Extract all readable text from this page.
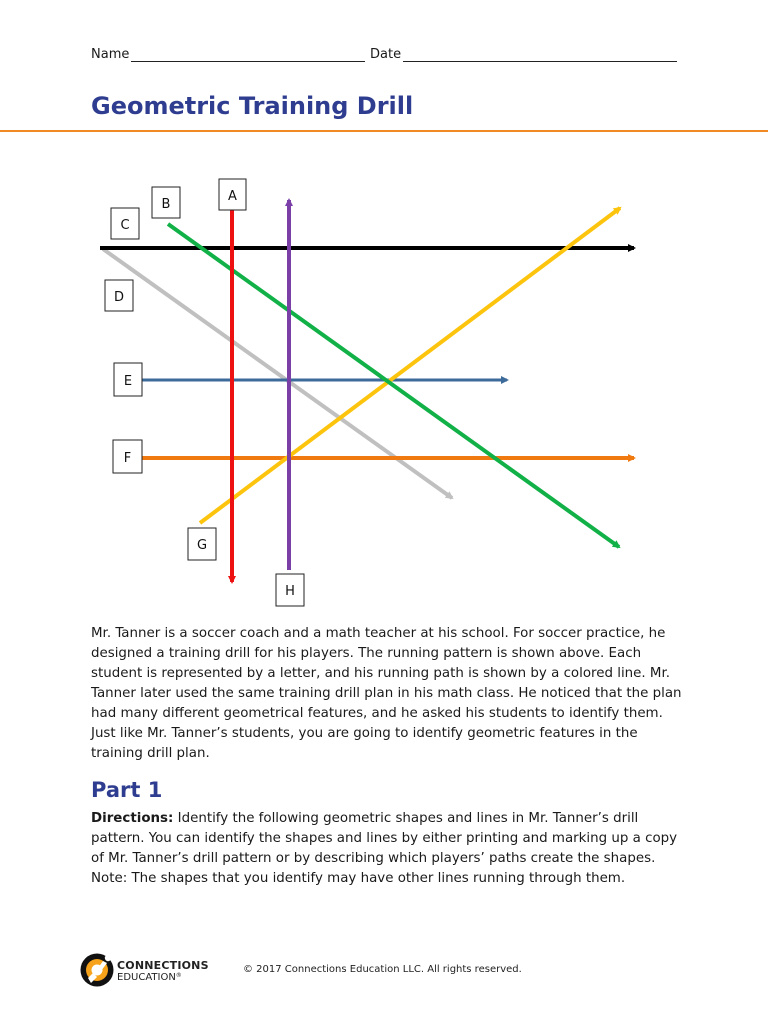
Name	Date
Geometric Training Drill
A
B
C
D
E
F
G
H

Mr. Tanner is a soccer coach and a math teacher at his school. For soccer practice, he designed a training drill for his players. The running pattern is shown above. Each student is represented by a letter, and his running path is shown by a colored line. Mr. Tanner later used the same training drill plan in his math class. He noticed that the plan had many different geometrical features, and he asked his students to identify them. Just like Mr. Tanner’s students, you are going to identify geometric features in the training drill plan.

Part 1

Directions: Identify the following geometric shapes and lines in Mr. Tanner’s drill pattern. You can identify the shapes and lines by either printing and marking up a copy of Mr. Tanner’s drill pattern or by describing which players’ paths create the shapes. Note: The shapes that you identify may have other lines running through them.

CONNECTIONS
EDUCATION®
© 2017 Connections Education LLC. All rights reserved.
